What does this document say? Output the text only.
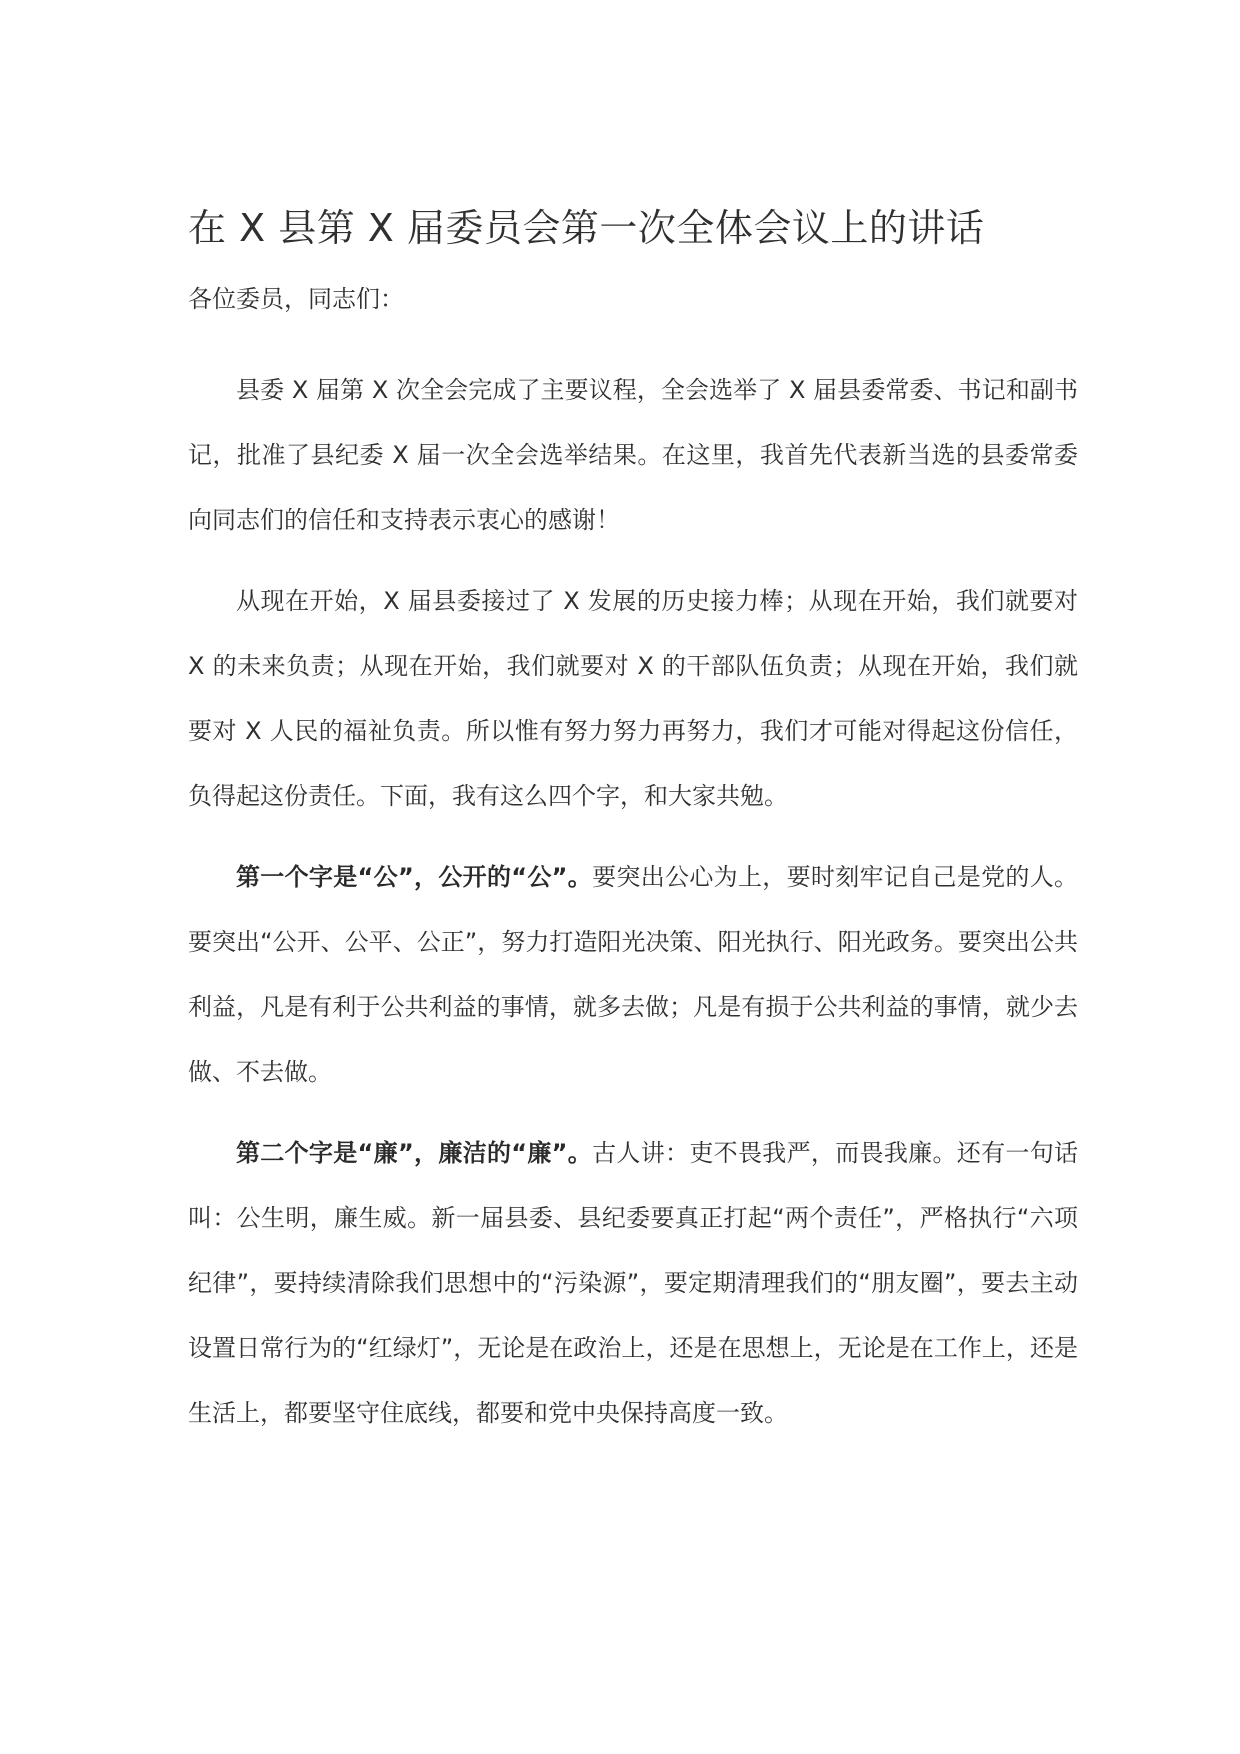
在 X 县第 X 届委员会第一次全体会议上的讲话

各位委员，同志们：

县委 X 届第 X 次全会完成了主要议程，全会选举了 X 届县委常委、书记和副书记，批准了县纪委 X 届一次全会选举结果。在这里，我首先代表新当选的县委常委向同志们的信任和支持表示衷心的感谢！

从现在开始，X 届县委接过了 X 发展的历史接力棒；从现在开始，我们就要对 X 的未来负责；从现在开始，我们就要对 X 的干部队伍负责；从现在开始，我们就要对 X 人民的福祉负责。所以惟有努力努力再努力，我们才可能对得起这份信任，负得起这份责任。下面，我有这么四个字，和大家共勉。

第一个字是“公”，公开的“公”。要突出公心为上，要时刻牢记自己是党的人。要突出“公开、公平、公正”，努力打造阳光决策、阳光执行、阳光政务。要突出公共利益，凡是有利于公共利益的事情，就多去做；凡是有损于公共利益的事情，就少去做、不去做。

第二个字是“廉”，廉洁的“廉”。古人讲：吏不畏我严，而畏我廉。还有一句话叫：公生明，廉生威。新一届县委、县纪委要真正打起“两个责任”，严格执行“六项纪律”，要持续清除我们思想中的“污染源”，要定期清理我们的“朋友圈”，要去主动设置日常行为的“红绿灯”，无论是在政治上，还是在思想上，无论是在工作上，还是生活上，都要坚守住底线，都要和党中央保持高度一致。
